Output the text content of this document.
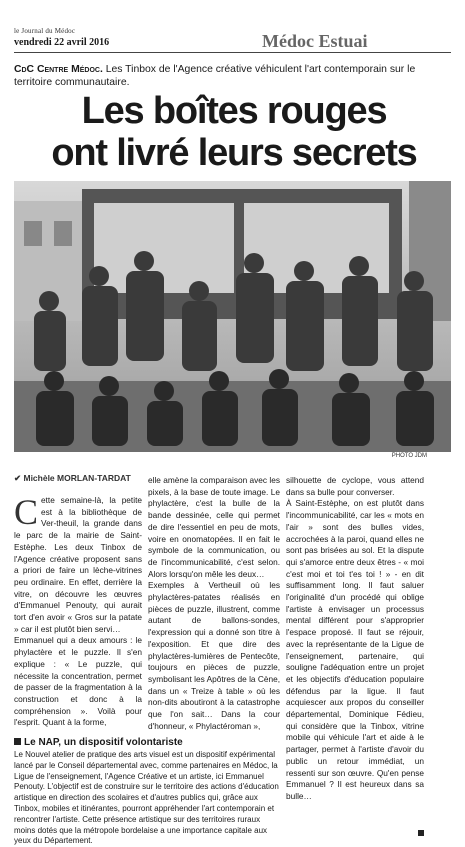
le Journal du Médoc
vendredi 22 avril 2016	Médoc Estuai
CdC Centre Médoc. Les Tinbox de l'Agence créative véhiculent l'art contemporain sur le territoire communautaire.
Les boîtes rouges
ont livré leurs secrets
PHOTO JDM
✔ Michèle MORLAN-TARDAT
C ette semaine-là, la petite est à la bibliothèque de Ver-theuil, la grande dans le parc de la mairie de Saint-Estèphe. Les deux Tinbox de l'Agence créative proposent sans a priori de faire un lèche-vitrines peu ordinaire. En effet, derrière la vitre, on découvre les œuvres d'Emmanuel Penouty, qui aurait tort d'en avoir « Gros sur la patate » car il est plutôt bien servi…
Emmanuel qui a deux amours : le phylactère et le puzzle. Il s'en explique : « Le puzzle, qui nécessite la concentration, permet de passer de la fragmentation à la construction et donc à la compréhension ». Voilà pour l'esprit. Quant à la forme,
elle amène la comparaison avec les pixels, à la base de toute image. Le phylactère, c'est la bulle de la bande dessinée, celle qui permet de dire l'essentiel en peu de mots, voire en onomatopées. Il en fait le symbole de la communication, ou de l'incommunicabilité, c'est selon. Alors lorsqu'on mêle les deux…
Exemples à Vertheuil où les phylactères-patates réalisés en pièces de puzzle, illustrent, comme autant de ballons-sondes, l'expression qui a donné son titre à l'exposition. Et que dire des phylactères-lumières de Pentecôte, toujours en pièces de puzzle, symbolisant les Apôtres de la Cène, dans un « Treize à table » où les non-dits aboutiront à la catastrophe que l'on sait… Dans la cour d'honneur, « Phylactéroman »,
silhouette de cyclope, vous attend dans sa bulle pour converser.
À Saint-Estèphe, on est plutôt dans l'incommunicabilité, car les « mots en l'air » sont des bulles vides, accrochées à la paroi, quand elles ne sont pas brisées au sol. Et la dispute qui s'amorce entre deux êtres - « moi c'est moi et toi t'es toi ! » - en dit suffisamment long. Il faut saluer l'originalité d'un procédé qui oblige l'artiste à envisager un processus mental différent pour s'approprier l'espace proposé. Il faut se réjouir, avec la représentante de la Ligue de l'enseignement, partenaire, qui souligne l'adéquation entre un projet et les objectifs d'éducation populaire défendus par la ligue. Il faut acquiescer aux propos du conseiller départemental, Dominique Fédieu, qui considère que la Tinbox, vitrine mobile qui véhicule l'art et aide à le partager, permet à l'artiste d'avoir du public un retour immédiat, un ressenti sur son œuvre. Qu'en pense Emmanuel ? Il est heureux dans sa bulle…
Le NAP, un dispositif volontariste
Le Nouvel atelier de pratique des arts visuel est un dispositif expérimental lancé par le Conseil départemental avec, comme partenaires en Médoc, la Ligue de l'enseignement, l'Agence Créative et un artiste, ici Emmanuel Penouty. L'objectif est de construire sur le territoire des actions d'éducation artistique en direction des scolaires et d'autres publics qui, grâce aux Tinbox, mobiles et itinérantes, pourront appréhender l'art contemporain et rencontrer l'artiste. Cette présence artistique sur des territoires ruraux moins dotés que la métropole bordelaise a une importance capitale aux yeux du Département.
